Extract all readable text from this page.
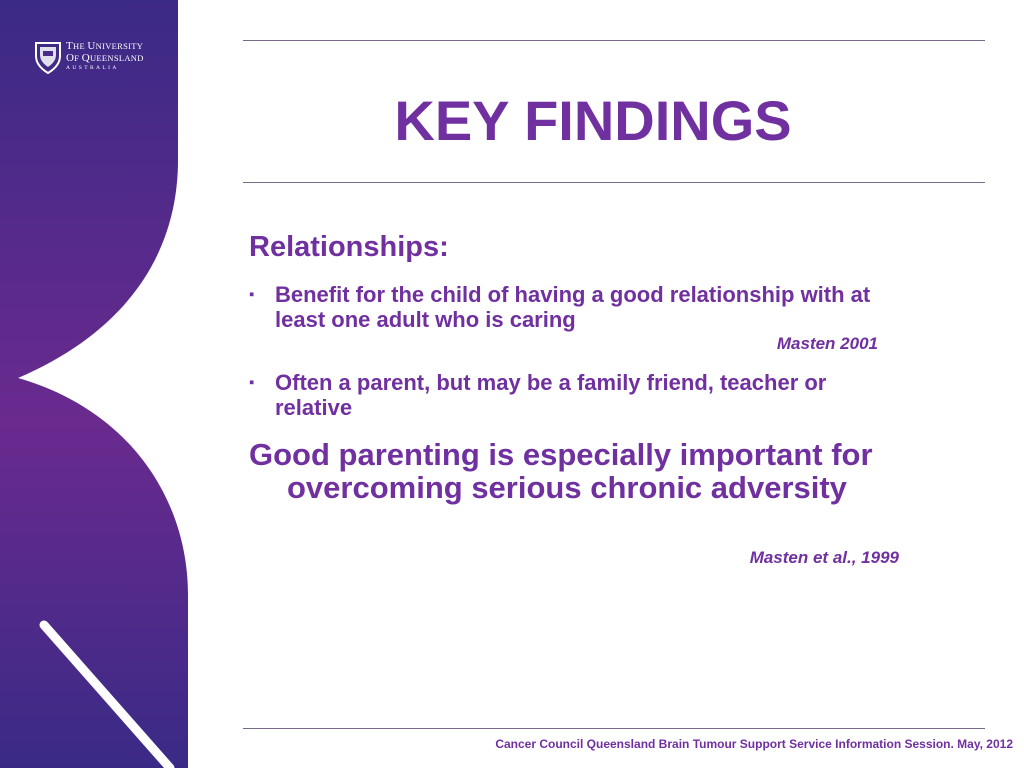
THE UNIVERSITY
OF QUEENSLAND
AUSTRALIA
KEY FINDINGS
Relationships:
▪ Benefit for the child of having a good relationship with at least one adult who is caring
Masten 2001
▪ Often a parent, but may be a family friend, teacher or relative
Good parenting is especially important for overcoming serious chronic adversity
Masten et al., 1999
Cancer Council Queensland Brain Tumour Support Service Information Session. May, 2012
